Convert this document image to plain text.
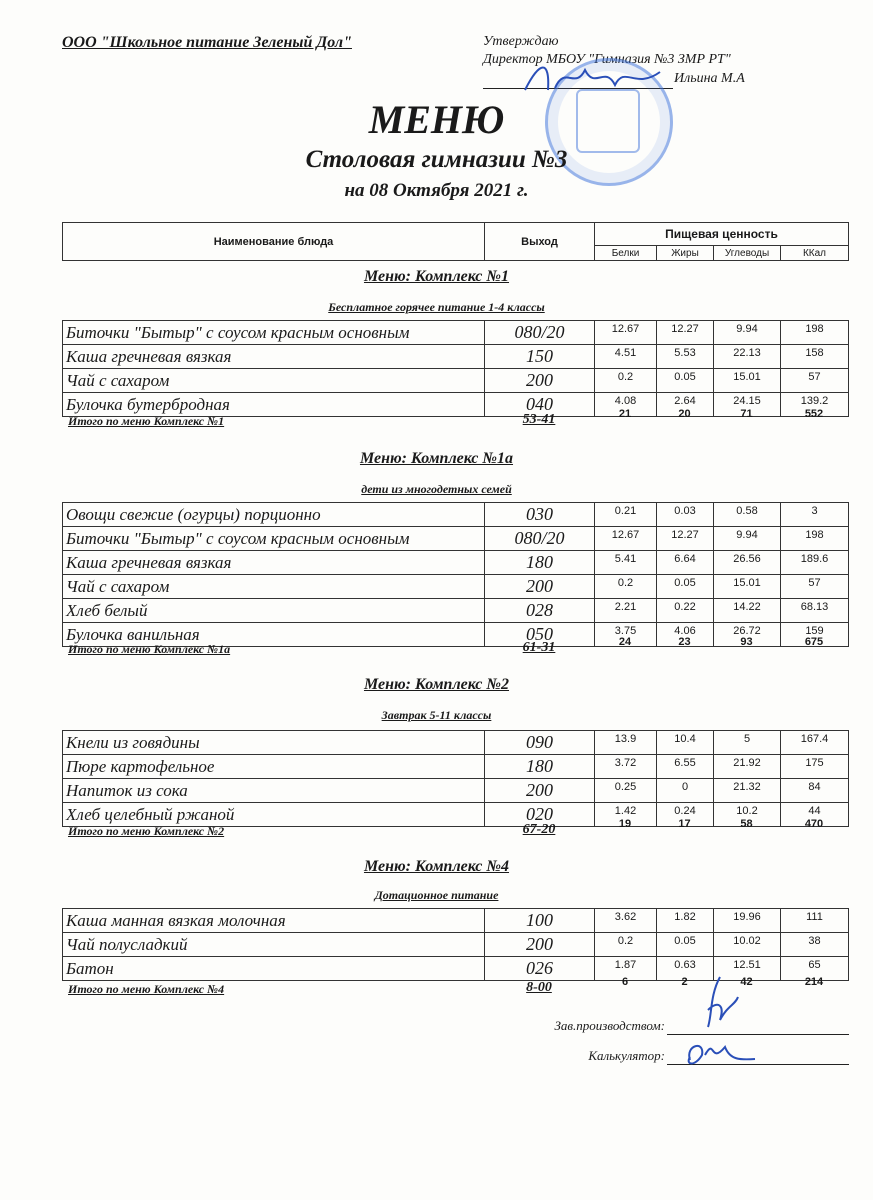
ООО "Школьное питание Зеленый Дол"	Утверждаю
Директор МБОУ "Гимназия №3 ЗМР РТ"
Ильина М.А
МЕНЮ
Столовая гимназии №3
на 08 Октября 2021 г.
Наименование блюда	Выход	Пищевая ценность			
		Белки	Жиры	Углеводы	ККал
Меню: Комплекс №1
Бесплатное горячее питание 1-4 классы
Биточки "Бытыр" с соусом красным основным	080/20	12.67	12.27	9.94	198
Каша гречневая вязкая	150	4.51	5.53	22.13	158
Чай с сахаром	200	0.2	0.05	15.01	57
Булочка бутербродная	040	4.08	2.64	24.15	139.2
Итого по меню Комплекс №1	53-41	21	20	71	552
Меню: Комплекс №1а
дети из многодетных семей
Овощи свежие (огурцы) порционно	030	0.21	0.03	0.58	3
Биточки "Бытыр" с соусом красным основным	080/20	12.67	12.27	9.94	198
Каша гречневая вязкая	180	5.41	6.64	26.56	189.6
Чай с сахаром	200	0.2	0.05	15.01	57
Хлеб белый	028	2.21	0.22	14.22	68.13
Булочка ванильная	050	3.75	4.06	26.72	159
Итого по меню Комплекс №1а	61-31	24	23	93	675
Меню: Комплекс №2
Завтрак 5-11 классы
Кнели из говядины	090	13.9	10.4	5	167.4
Пюре картофельное	180	3.72	6.55	21.92	175
Напиток из сока	200	0.25	0	21.32	84
Хлеб целебный ржаной	020	1.42	0.24	10.2	44
Итого по меню Комплекс №2	67-20	19	17	58	470
Меню: Комплекс №4
Дотационное питание
Каша манная вязкая молочная	100	3.62	1.82	19.96	111
Чай полусладкий	200	0.2	0.05	10.02	38
Батон	026	1.87	0.63	12.51	65
Итого по меню Комплекс №4	8-00	6	2	42	214
Зав.производством:
Калькулятор:
